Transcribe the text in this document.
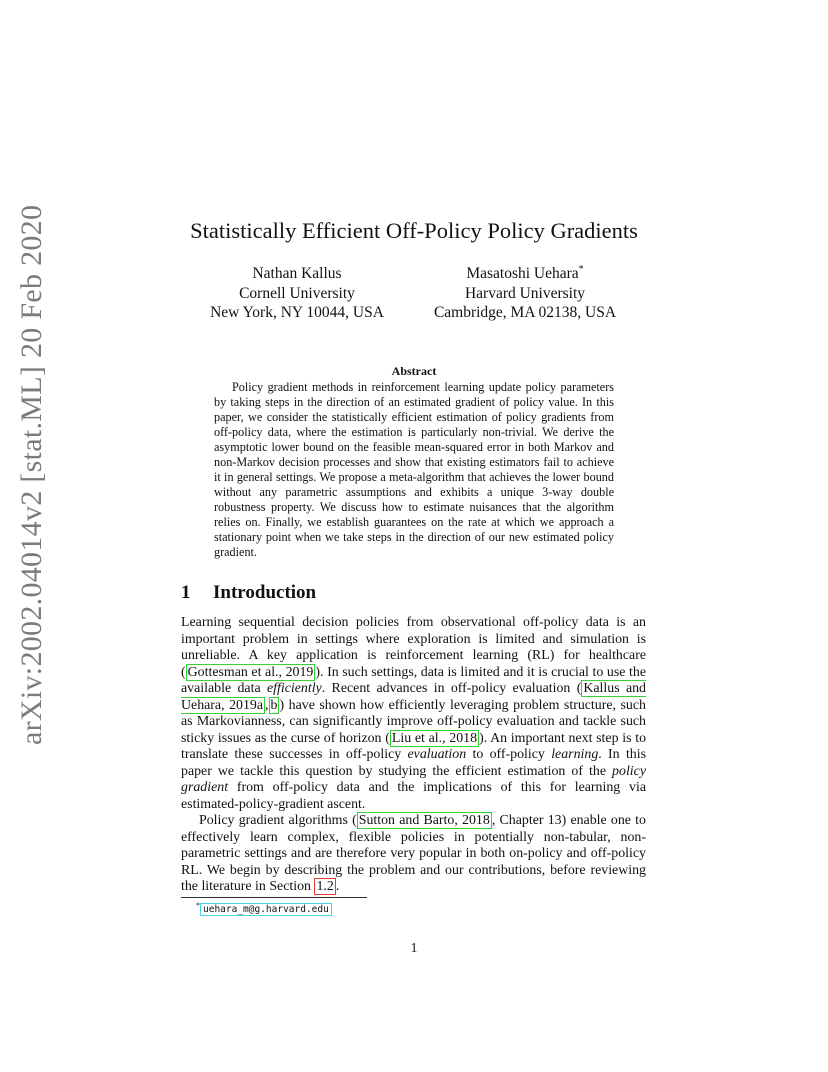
arXiv:2002.04014v2 [stat.ML] 20 Feb 2020	Statistically Efficient Off-Policy Policy Gradients
Nathan Kallus
Cornell University
New York, NY 10044, USA
Masatoshi Uehara*
Harvard University
Cambridge, MA 02138, USA
Abstract
Policy gradient methods in reinforcement learning update policy parameters by taking steps in the direction of an estimated gradient of policy value. In this paper, we consider the statistically efficient estimation of policy gradients from off-policy data, where the estimation is particularly non-trivial. We derive the asymptotic lower bound on the feasible mean-squared error in both Markov and non-Markov decision processes and show that existing estimators fail to achieve it in general settings. We propose a meta-algorithm that achieves the lower bound without any parametric assumptions and exhibits a unique 3-way double robustness property. We discuss how to estimate nuisances that the algorithm relies on. Finally, we establish guarantees on the rate at which we approach a stationary point when we take steps in the direction of our new estimated policy gradient.
1 Introduction

Learning sequential decision policies from observational off-policy data is an important problem in settings where exploration is limited and simulation is unreliable. A key application is reinforcement learning (RL) for healthcare ( Gottesman et al., 2019 ). In such settings, data is limited and it is crucial to use the available data efficiently. Recent advances in off-policy evaluation ( Kallus and Uehara, 2019a , b ) have shown how efficiently leveraging problem structure, such as Markovianness, can significantly improve off-policy evaluation and tackle such sticky issues as the curse of horizon ( Liu et al., 2018 ). An important next step is to translate these successes in off-policy evaluation to off-policy learning. In this paper we tackle this question by studying the efficient estimation of the policy gradient from off-policy data and the implications of this for learning via estimated-policy-gradient ascent.

Policy gradient algorithms ( Sutton and Barto, 2018 , Chapter 13) enable one to effectively learn complex, flexible policies in potentially non-tabular, non-parametric settings and are therefore very popular in both on-policy and off-policy RL. We begin by describing the problem and our contributions, before reviewing the literature in Section 1.2 .

* uehara_m@g.harvard.edu
1
